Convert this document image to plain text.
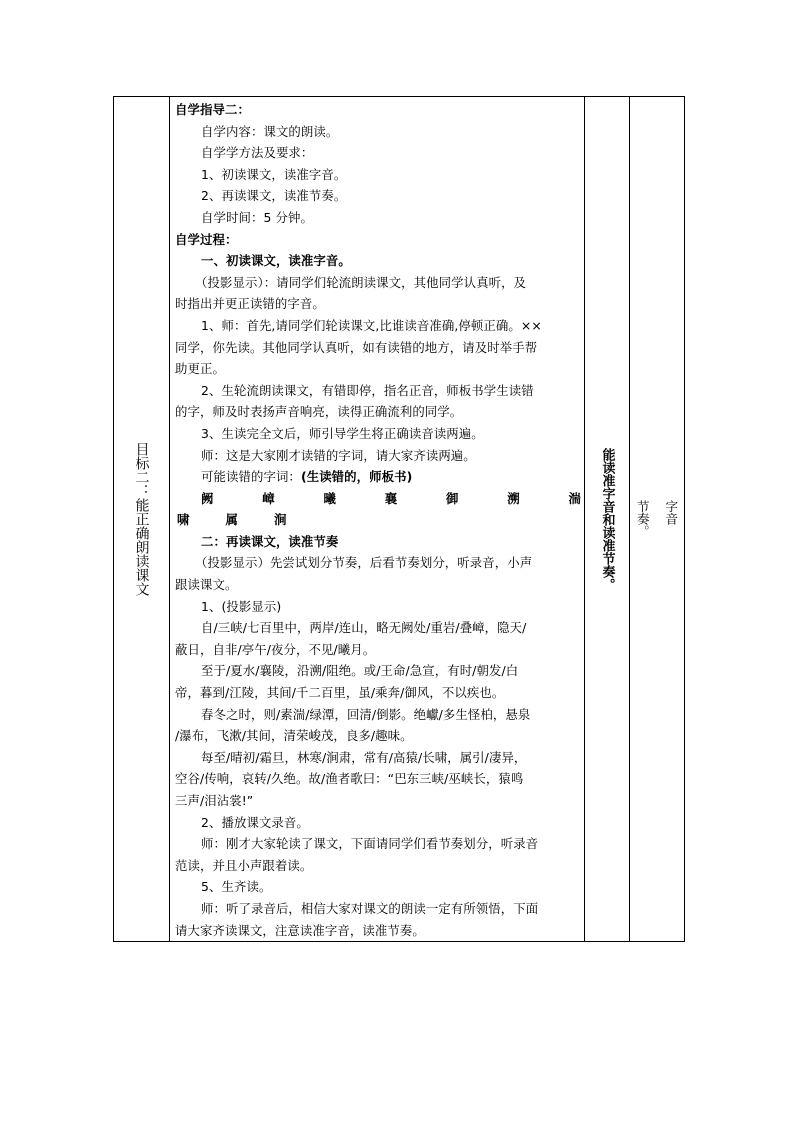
目标二：能正确朗读课文

自学指导二：

自学内容：课文的朗读。

自学学方法及要求：

1、初读课文，读准字音。

2、再读课文，读准节奏。

自学时间：5 分钟。

自学过程：

一、初读课文，读准字音。

（投影显示）：请同学们轮流朗读课文，其他同学认真听，及

时指出并更正读错的字音。

1、师：首先,请同学们轮读课文,比谁读音准确,停顿正确。××

同学，你先读。其他同学认真听，如有读错的地方，请及时举手帮

助更正。

2、生轮流朗读课文，有错即停，指名正音，师板书学生读错

的字，师及时表扬声音响亮，读得正确流利的同学。

3、生读完全文后，师引导学生将正确读音读两遍。

师：这是大家刚才读错的字词，请大家齐读两遍。

可能读错的字词：(生读错的，师板书)

阙	嶂	曦	襄	御	溯	湍
啸	属	涧

二：再读课文，读准节奏

（投影显示）先尝试划分节奏，后看节奏划分，听录音，小声

跟读课文。

1、(投影显示)

自/三峡/七百里中，两岸/连山，略无阙处/重岩/叠嶂，隐天/

蔽日，自非/亭午/夜分，不见/曦月。

至于/夏水/襄陵，沿溯/阻绝。或/王命/急宣，有时/朝发/白

帝，暮到/江陵，其间/千二百里，虽/乘奔/御风，不以疾也。

春冬之时，则/素湍/绿潭，回清/倒影。绝巘/多生怪柏，悬泉

/瀑布，飞漱/其间，清荣峻茂，良多/趣味。

每至/晴初/霜旦，林寒/涧肃，常有/高猿/长啸，属引/凄异，

空谷/传响，哀转/久绝。故/渔者歌曰：“巴东三峡/巫峡长，猿鸣

三声/泪沾裳!”

2、播放课文录音。

师：刚才大家轮读了课文，下面请同学们看节奏划分，听录音

范读，并且小声跟着读。

5、生齐读。

师：听了录音后，相信大家对课文的朗读一定有所领悟，下面

请大家齐读课文，注意读准字音，读准节奏。

能读准字音和读准节奏。	字音
节奏。
